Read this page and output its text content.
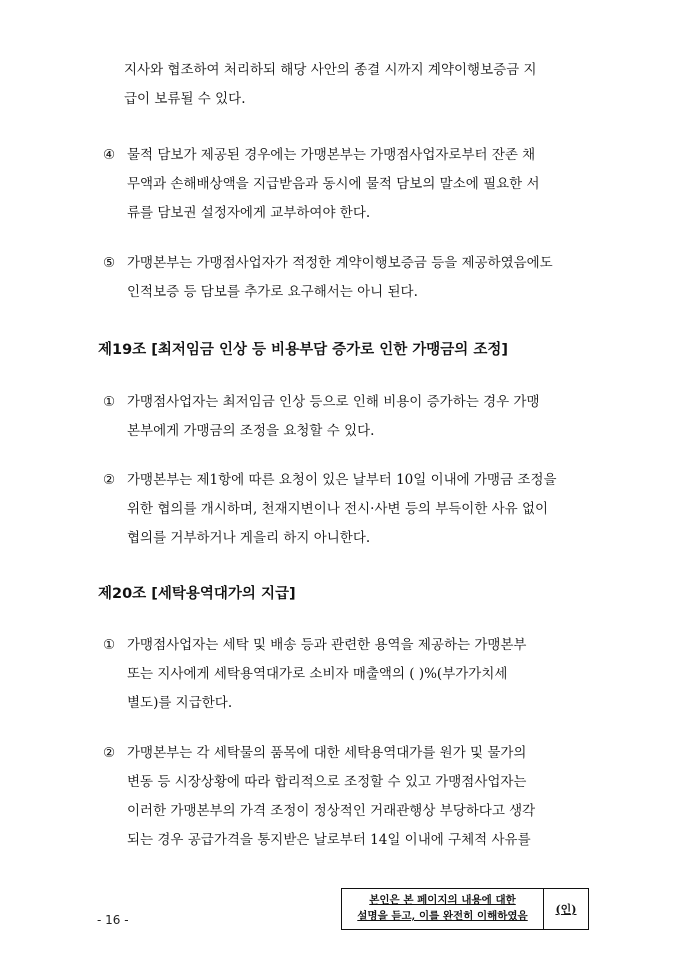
지사와 협조하여 처리하되 해당 사안의 종결 시까지 계약이행보증금 지
급이 보류될 수 있다.
④ 물적 담보가 제공된 경우에는 가맹본부는 가맹점사업자로부터 잔존 채
무액과 손해배상액을 지급받음과 동시에 물적 담보의 말소에 필요한 서
류를 담보권 설정자에게 교부하여야 한다.
⑤ 가맹본부는 가맹점사업자가 적정한 계약이행보증금 등을 제공하였음에도
인적보증 등 담보를 추가로 요구해서는 아니 된다.
제19조 [최저임금 인상 등 비용부담 증가로 인한 가맹금의 조정]
① 가맹점사업자는 최저임금 인상 등으로 인해 비용이 증가하는 경우 가맹
본부에게 가맹금의 조정을 요청할 수 있다.
② 가맹본부는 제1항에 따른 요청이 있은 날부터 10일 이내에 가맹금 조정을
위한 협의를 개시하며, 천재지변이나 전시·사변 등의 부득이한 사유 없이
협의를 거부하거나 게을리 하지 아니한다.
제20조 [세탁용역대가의 지급]
① 가맹점사업자는 세탁 및 배송 등과 관련한 용역을 제공하는 가맹본부
또는 지사에게 세탁용역대가로 소비자 매출액의 ( )%(부가가치세
별도)를 지급한다.
② 가맹본부는 각 세탁물의 품목에 대한 세탁용역대가를 원가 및 물가의
변동 등 시장상황에 따라 합리적으로 조정할 수 있고 가맹점사업자는
이러한 가맹본부의 가격 조정이 정상적인 거래관행상 부당하다고 생각
되는 경우 공급가격을 통지받은 날로부터 14일 이내에 구체적 사유를
- 16 -
본인은 본 페이지의 내용에 대한
설명을 듣고, 이를 완전히 이해하였음	(인)
